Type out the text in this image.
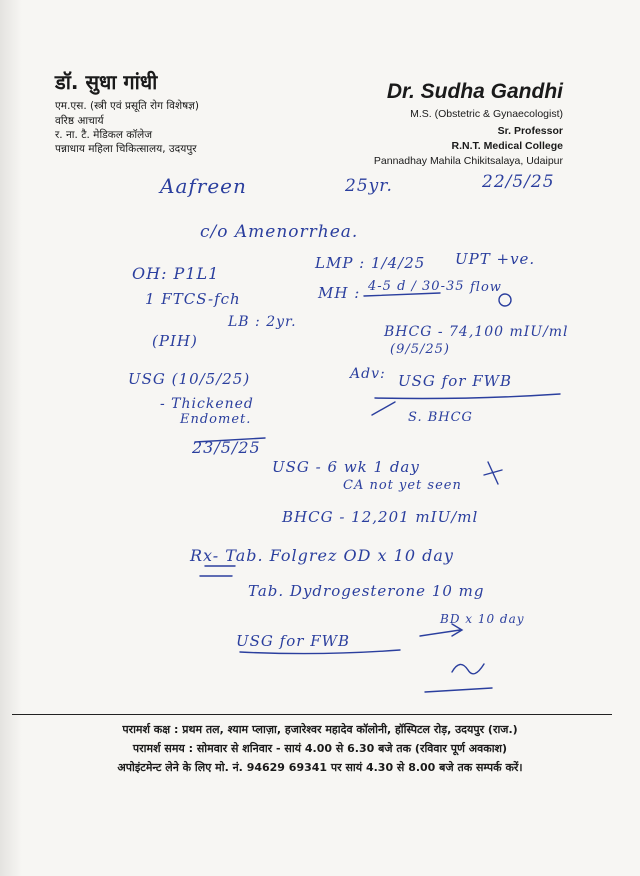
डॉ. सुधा गांधी
एम.एस. (स्त्री एवं प्रसूति रोग विशेषज्ञ)
वरिष्ठ आचार्य
र. ना. टै. मेडिकल कॉलेज
पन्नाधाय महिला चिकित्सालय, उदयपुर
Dr. Sudha Gandhi
M.S. (Obstetric & Gynaecologist)
Sr. Professor
R.N.T. Medical College
Pannadhay Mahila Chikitsalaya, Udaipur
Aafreen	25yr.	22/5/25
c/o Amenorrhea.
OH: P1L1
1 FTCS-fch
LB : 2yr.
(PIH)
LMP : 1/4/25 UPT +ve.
MH : 4-5 d / 30-35 flow
BHCG - 74,100 mIU/ml
(9/5/25)
USG (10/5/25)
- Thickened
Endomet.
Adv: USG for FWB
S. BHCG
23/5/25
USG - 6 wk 1 day
CA not yet seen
BHCG - 12,201 mIU/ml
Rx- Tab. Folgrez OD x 10 day
Tab. Dydrogesterone 10 mg
BD x 10 day
USG for FWB
परामर्श कक्ष : प्रथम तल, श्याम प्लाज़ा, हजारेश्वर महादेव कॉलोनी, हॉस्पिटल रोड़, उदयपुर (राज.)
परामर्श समय : सोमवार से शनिवार - सायं 4.00 से 6.30 बजे तक (रविवार पूर्ण अवकाश)
अपोइंटमेन्ट लेने के लिए मो. नं. 94629 69341 पर सायं 4.30 से 8.00 बजे तक सम्पर्क करें।
